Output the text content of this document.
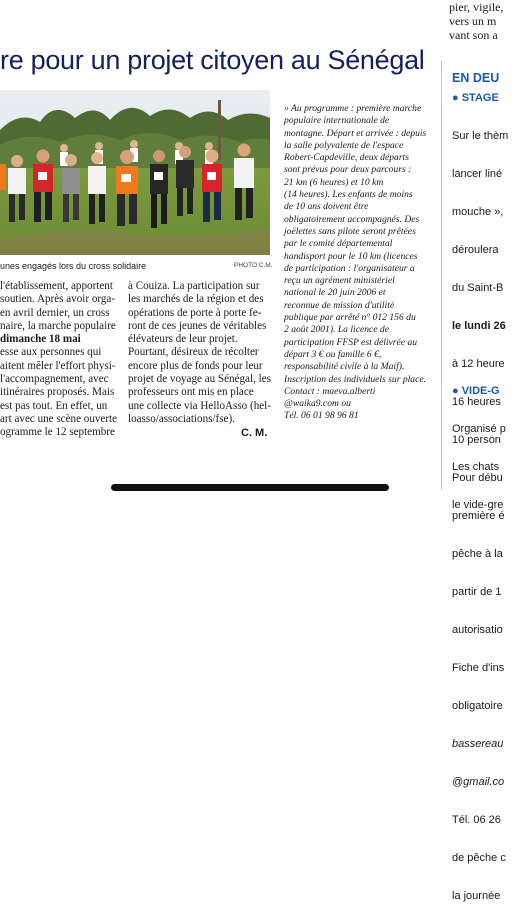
pier, vigile,
vers un m
vant son a
re pour un projet citoyen au Sénégal
unes engagés lors du cross solidaire	PHOTO C.M.
» Au programme : première marche
populaire internationale de
montagne. Départ et arrivée : depuis
la salle polyvalente de l'espace
Robert-Capdeville, deux départs
sont prévus pour deux parcours :
21 km (6 heures) et 10 km
(14 heures). Les enfants de moins
de 10 ans doivent être
obligatoirement accompagnés. Des
joëlettes sans pilote seront prêtées
par le comité départemental
handisport pour le 10 km (licences
de participation : l'organisateur a
reçu un agrément ministériel
national le 20 juin 2006 et
reconnue de mission d'utilité
publique par arrêté n° 012 156 du
2 août 2001). La licence de
participation FFSP est délivrée au
départ 3 € ou famille 6 €,
responsabilité civile à la Maif).
Inscription des individuels sur place.
Contact : maeva.alberti
@waika9.com ou
Tél. 06 01 98 96 81
l'établissement, apportent
soutien. Après avoir orga-
en avril dernier, un cross
naire, la marche populaire
dimanche 18 mai
esse aux personnes qui
aitent mêler l'effort physi-
l'accompagnement, avec
itinéraires proposés. Mais
est pas tout. En effet, un
art avec une scène ouverte
ogramme le 12 septembre
à Couiza. La participation sur
les marchés de la région et des
opérations de porte à porte fe-
ront de ces jeunes de véritables
élévateurs de leur projet.
Pourtant, désireux de récolter
encore plus de fonds pour leur
projet de voyage au Sénégal, les
professeurs ont mis en place
une collecte via HelloAsso (hel-
loasso/associations/fse).
C. M.
EN DEU
● STAGE

Sur le thèm

lancer liné

mouche »,

déroulera

du Saint-B

le lundi 26

à 12 heure

16 heures

10 person

Pour débu

première é

pêche à la

partir de 1

autorisatio

Fiche d'ins

obligatoire

bassereau

@gmail.co

Tél. 06 26

de pêche c

la journée

● VIDE-G

Organisé p

Les chats

le vide-gre
